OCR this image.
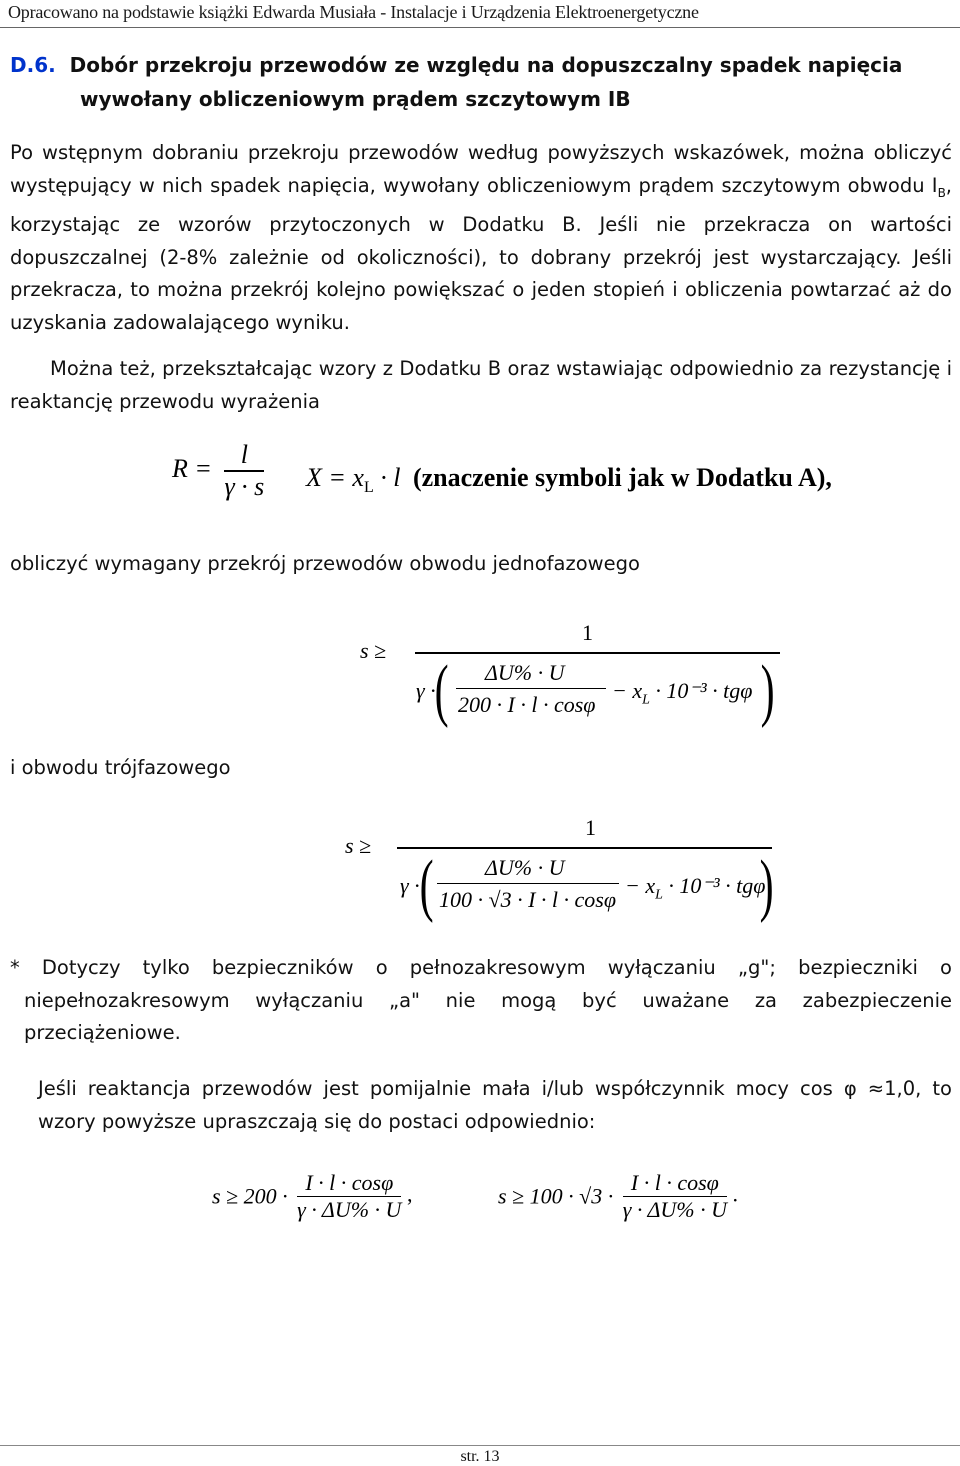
Opracowano na podstawie książki Edwarda Musiała - Instalacje i Urządzenia Elektroenergetyczne
D.6. Dobór przekroju przewodów ze względu na dopuszczalny spadek napięcia
wywołany obliczeniowym prądem szczytowym IB
Po wstępnym dobraniu przekroju przewodów według powyższych wskazówek, można obliczyć występujący w nich spadek napięcia, wywołany obliczeniowym prądem szczytowym obwodu $I_B$, korzystając ze wzorów przytoczonych w Dodatku B. Jeśli nie przekracza on wartości dopuszczalnej (2-8% zależnie od okoliczności), to dobrany przekrój jest wystarczający. Jeśli przekracza, to można przekrój kolejno powiększać o jeden stopień i obliczenia powtarzać aż do uzyskania zadowalającego wyniku.
Można też, przekształcając wzory z Dodatku B oraz wstawiając odpowiednio za rezystancję i reaktancję przewodu wyrażenia
$R = \frac{l}{\gamma \cdot s}$ $X = x_L \cdot l$ (znaczenie symboli jak w Dodatku A),
obliczyć wymagany przekrój przewodów obwodu jednofazowego
s ≥
1
γ ·
( ΔU% · U
200 · I · l · cosφ
− $x_L \cdot 10^{-3} \cdot tg\varphi$ )
i obwodu trójfazowego
s ≥
1
γ · ( ΔU% · U
100 · √3 · I · l · cosφ
− $x_L \cdot 10^{-3} \cdot tg\varphi$
)
* Dotyczy tylko bezpieczników o pełnozakresowym wyłączaniu „g"; bezpieczniki o niepełnozakresowym wyłączaniu „a" nie mogą być uważane za zabezpieczenie przeciążeniowe.
Jeśli reaktancja przewodów jest pomijalnie mała i/lub współczynnik mocy cos φ ≈1,0, to wzory powyższe upraszczają się do postaci odpowiednio:
$s \ge 200 \cdot \frac{I \cdot l \cdot \cos\varphi}{\gamma \cdot \Delta U\% \cdot U}$ ,	$s \ge 100 \cdot √3 \cdot \frac{I \cdot l \cdot \cos\varphi}{\gamma \cdot \Delta U\% \cdot U}$ .
str. 13
